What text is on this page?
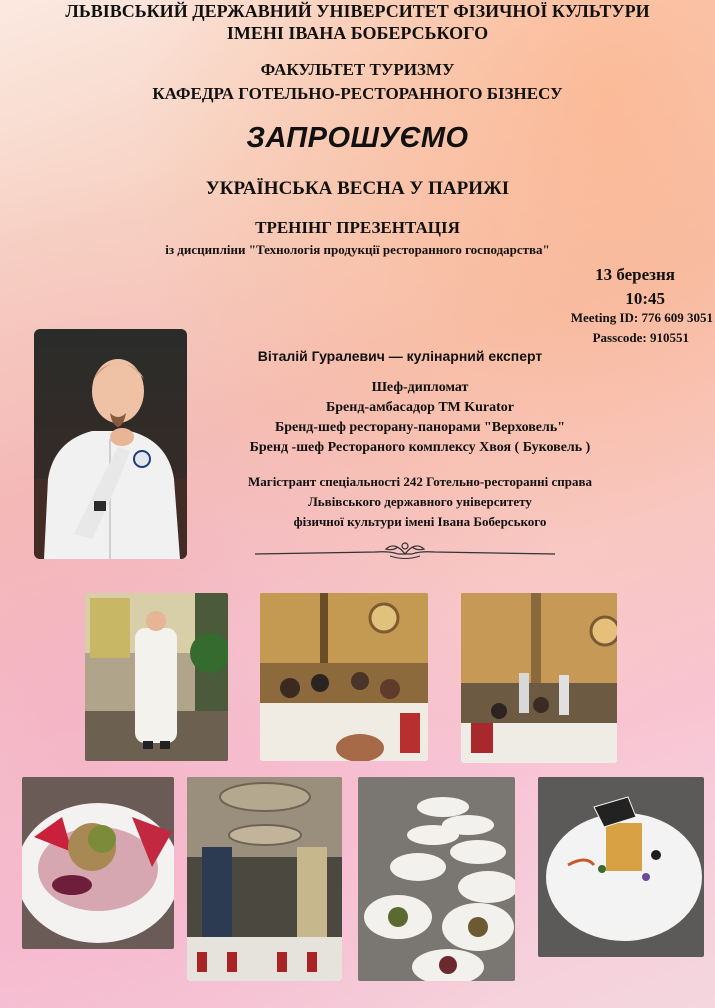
ЛЬВІВСЬКИЙ ДЕРЖАВНИЙ УНІВЕРСИТЕТ ФІЗИЧНОЇ КУЛЬТУРИ
ІМЕНІ ІВАНА БОБЕРСЬКОГО
ФАКУЛЬТЕТ ТУРИЗМУ
КАФЕДРА ГОТЕЛЬНО-РЕСТОРАННОГО БІЗНЕСУ
ЗАПРОШУЄМО
УКРАЇНСЬКА ВЕСНА У ПАРИЖІ
ТРЕНІНГ ПРЕЗЕНТАЦІЯ
із дисципліни "Технологія продукції ресторанного господарства"
13 березня
10:45
Meeting ID: 776 609 3051
Passcode: 910551
Віталій Гуралевич — кулінарний експерт
Шеф-дипломат
Бренд-амбасадор ТМ Kurator
Бренд-шеф ресторану-панорами "Верховель"
Бренд -шеф Рестораного комплексу Хвоя ( Буковель )
Магістрант спеціальності 242 Готельно-ресторанні справа
Львівського державного університету
фізичної культури імені Івана Боберського
